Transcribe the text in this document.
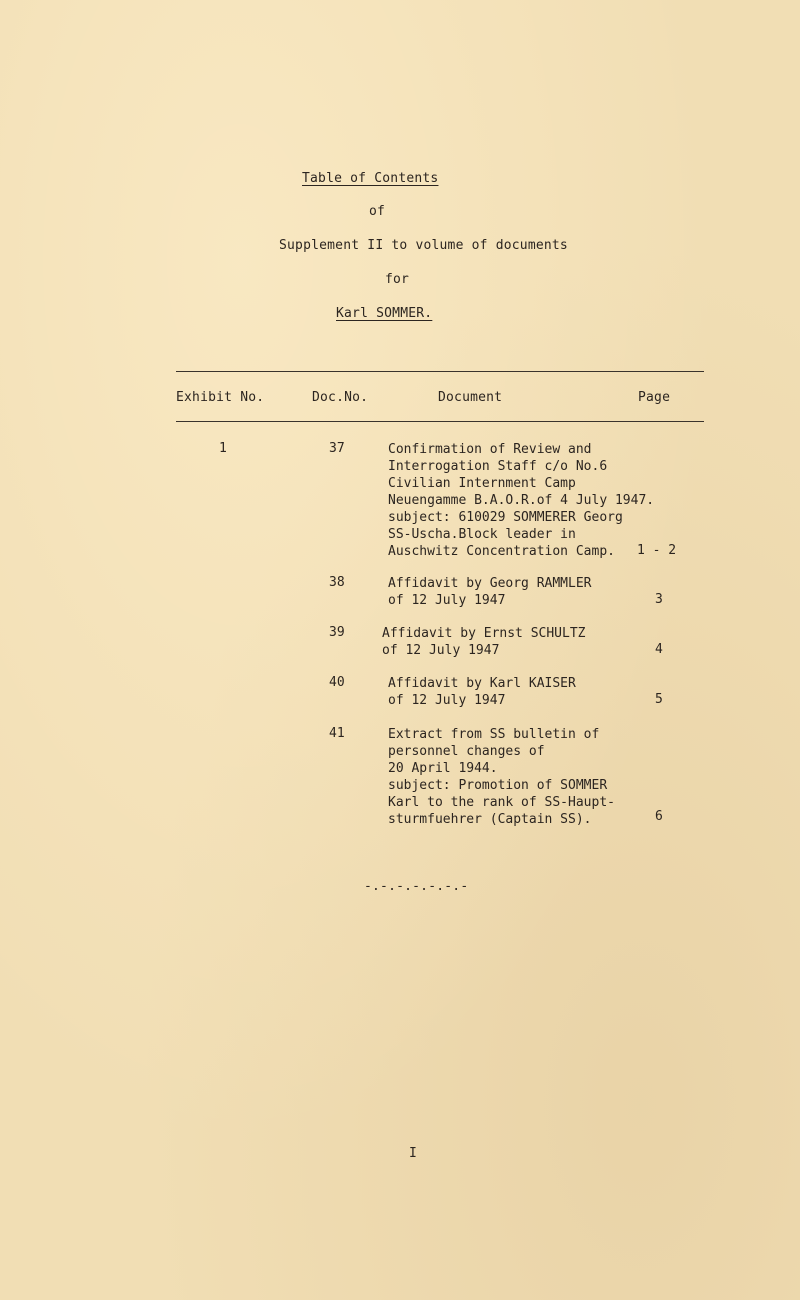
Table of Contents
of
Supplement II to volume of documents
for
Karl SOMMER.
Exhibit No.	Doc.No.	Document	Page
1	37	Confirmation of Review and
Interrogation Staff c/o No.6
Civilian Internment Camp
Neuengamme B.A.O.R.of 4 July 1947.
subject: 610029 SOMMERER Georg
SS-Uscha.Block leader in
Auschwitz Concentration Camp.	1 - 2
38	Affidavit by Georg RAMMLER
of 12 July 1947	3
39	Affidavit by Ernst SCHULTZ
of 12 July 1947	4
40	Affidavit by Karl KAISER
of 12 July 1947	5
41	Extract from SS bulletin of
personnel changes of
20 April 1944.
subject: Promotion of SOMMER
Karl to the rank of SS-Haupt-
sturmfuehrer (Captain SS).	6
-.-.-.-.-.-.-
I
